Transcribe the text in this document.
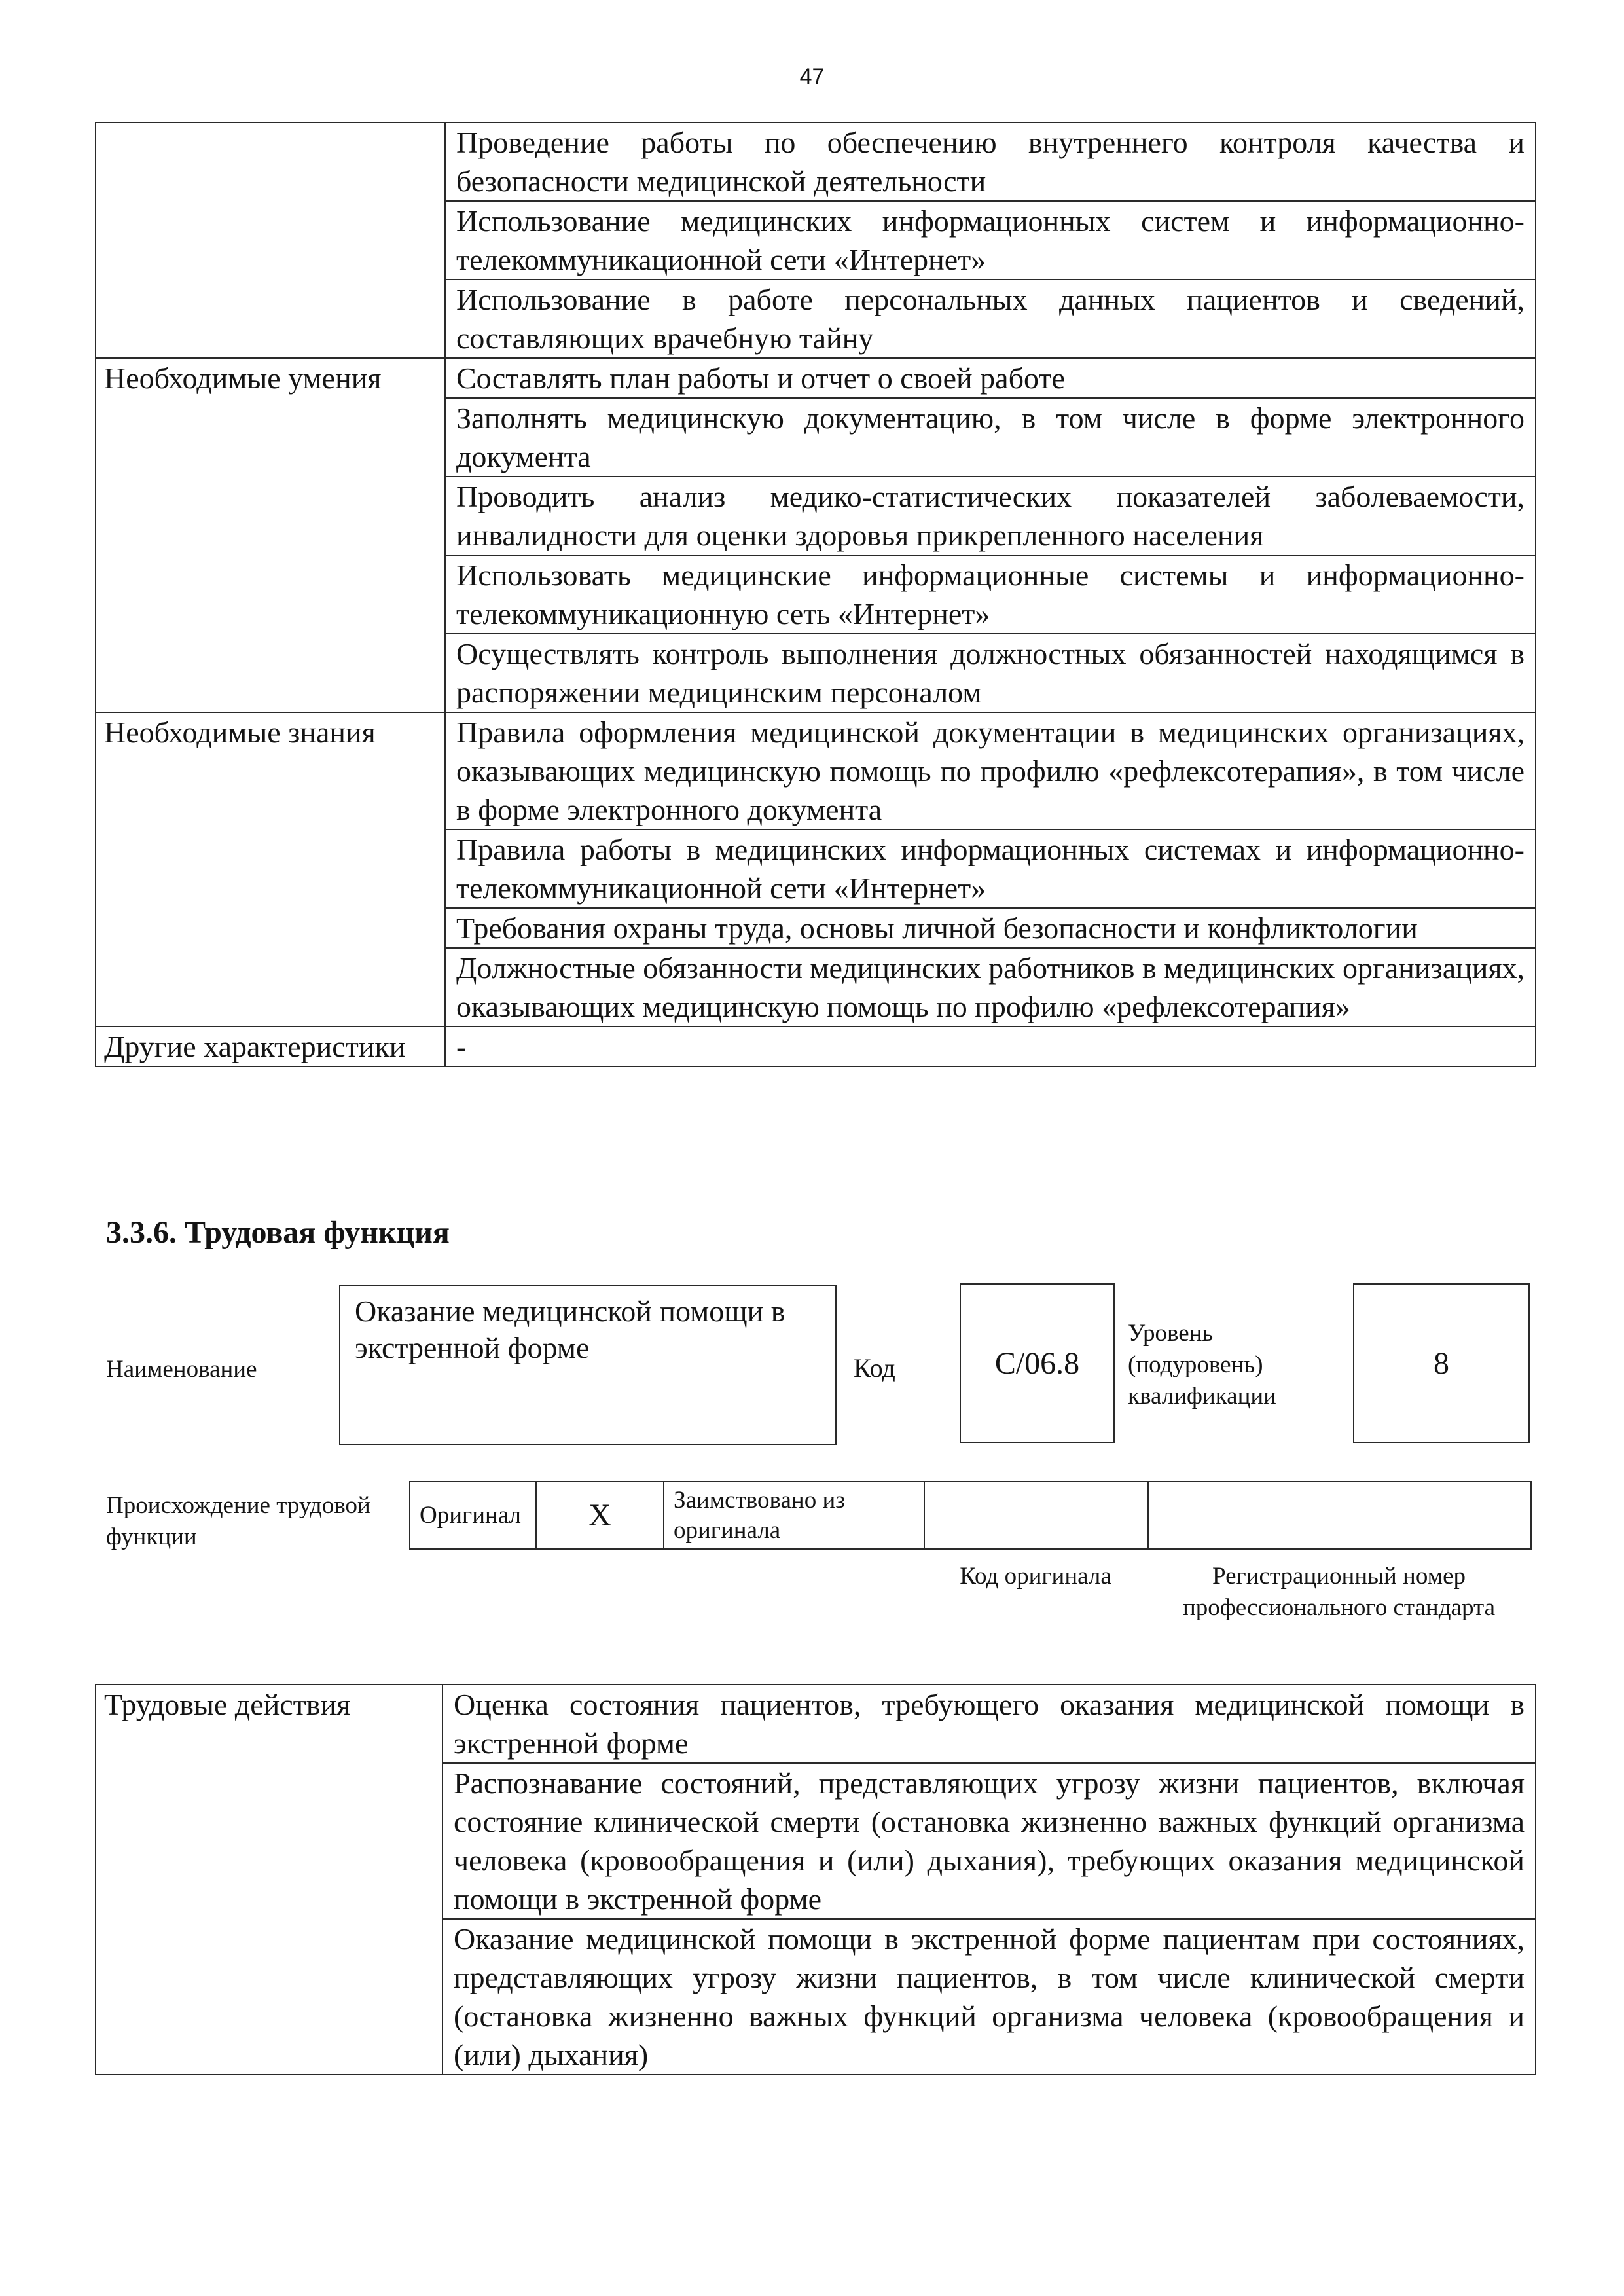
47
	Проведение работы по обеспечению внутреннего контроля качества и безопасности медицинской деятельности
	Использование медицинских информационных систем и информационно-телекоммуникационной сети «Интернет»
	Использование в работе персональных данных пациентов и сведений, составляющих врачебную тайну
Необходимые умения	Составлять план работы и отчет о своей работе
	Заполнять медицинскую документацию, в том числе в форме электронного документа
	Проводить анализ медико-статистических показателей заболеваемости, инвалидности для оценки здоровья прикрепленного населения
	Использовать медицинские информационные системы и информационно-телекоммуникационную сеть «Интернет»
	Осуществлять контроль выполнения должностных обязанностей находящимся в распоряжении медицинским персоналом
Необходимые знания	Правила оформления медицинской документации в медицинских организациях, оказывающих медицинскую помощь по профилю «рефлексотерапия», в том числе в форме электронного документа
	Правила работы в медицинских информационных системах и информационно-телекоммуникационной сети «Интернет»
	Требования охраны труда, основы личной безопасности и конфликтологии
	Должностные обязанности медицинских работников в медицинских организациях, оказывающих медицинскую помощь по профилю «рефлексотерапия»
Другие характеристики	-
3.3.6. Трудовая функция
Наименование
Оказание медицинской помощи в экстренной форме
Код	C/06.8
Уровень (подуровень) квалификации
8
Происхождение трудовой функции
Оригинал	X	Заимствовано из оригинала		
Код оригинала	Регистрационный номер профессионального стандарта
Трудовые действия	Оценка состояния пациентов, требующего оказания медицинской помощи в экстренной форме
Распознавание состояний, представляющих угрозу жизни пациентов, включая состояние клинической смерти (остановка жизненно важных функций организма человека (кровообращения и (или) дыхания), требующих оказания медицинской помощи в экстренной форме
Оказание медицинской помощи в экстренной форме пациентам при состояниях, представляющих угрозу жизни пациентов, в том числе клинической смерти (остановка жизненно важных функций организма человека (кровообращения и (или) дыхания)
